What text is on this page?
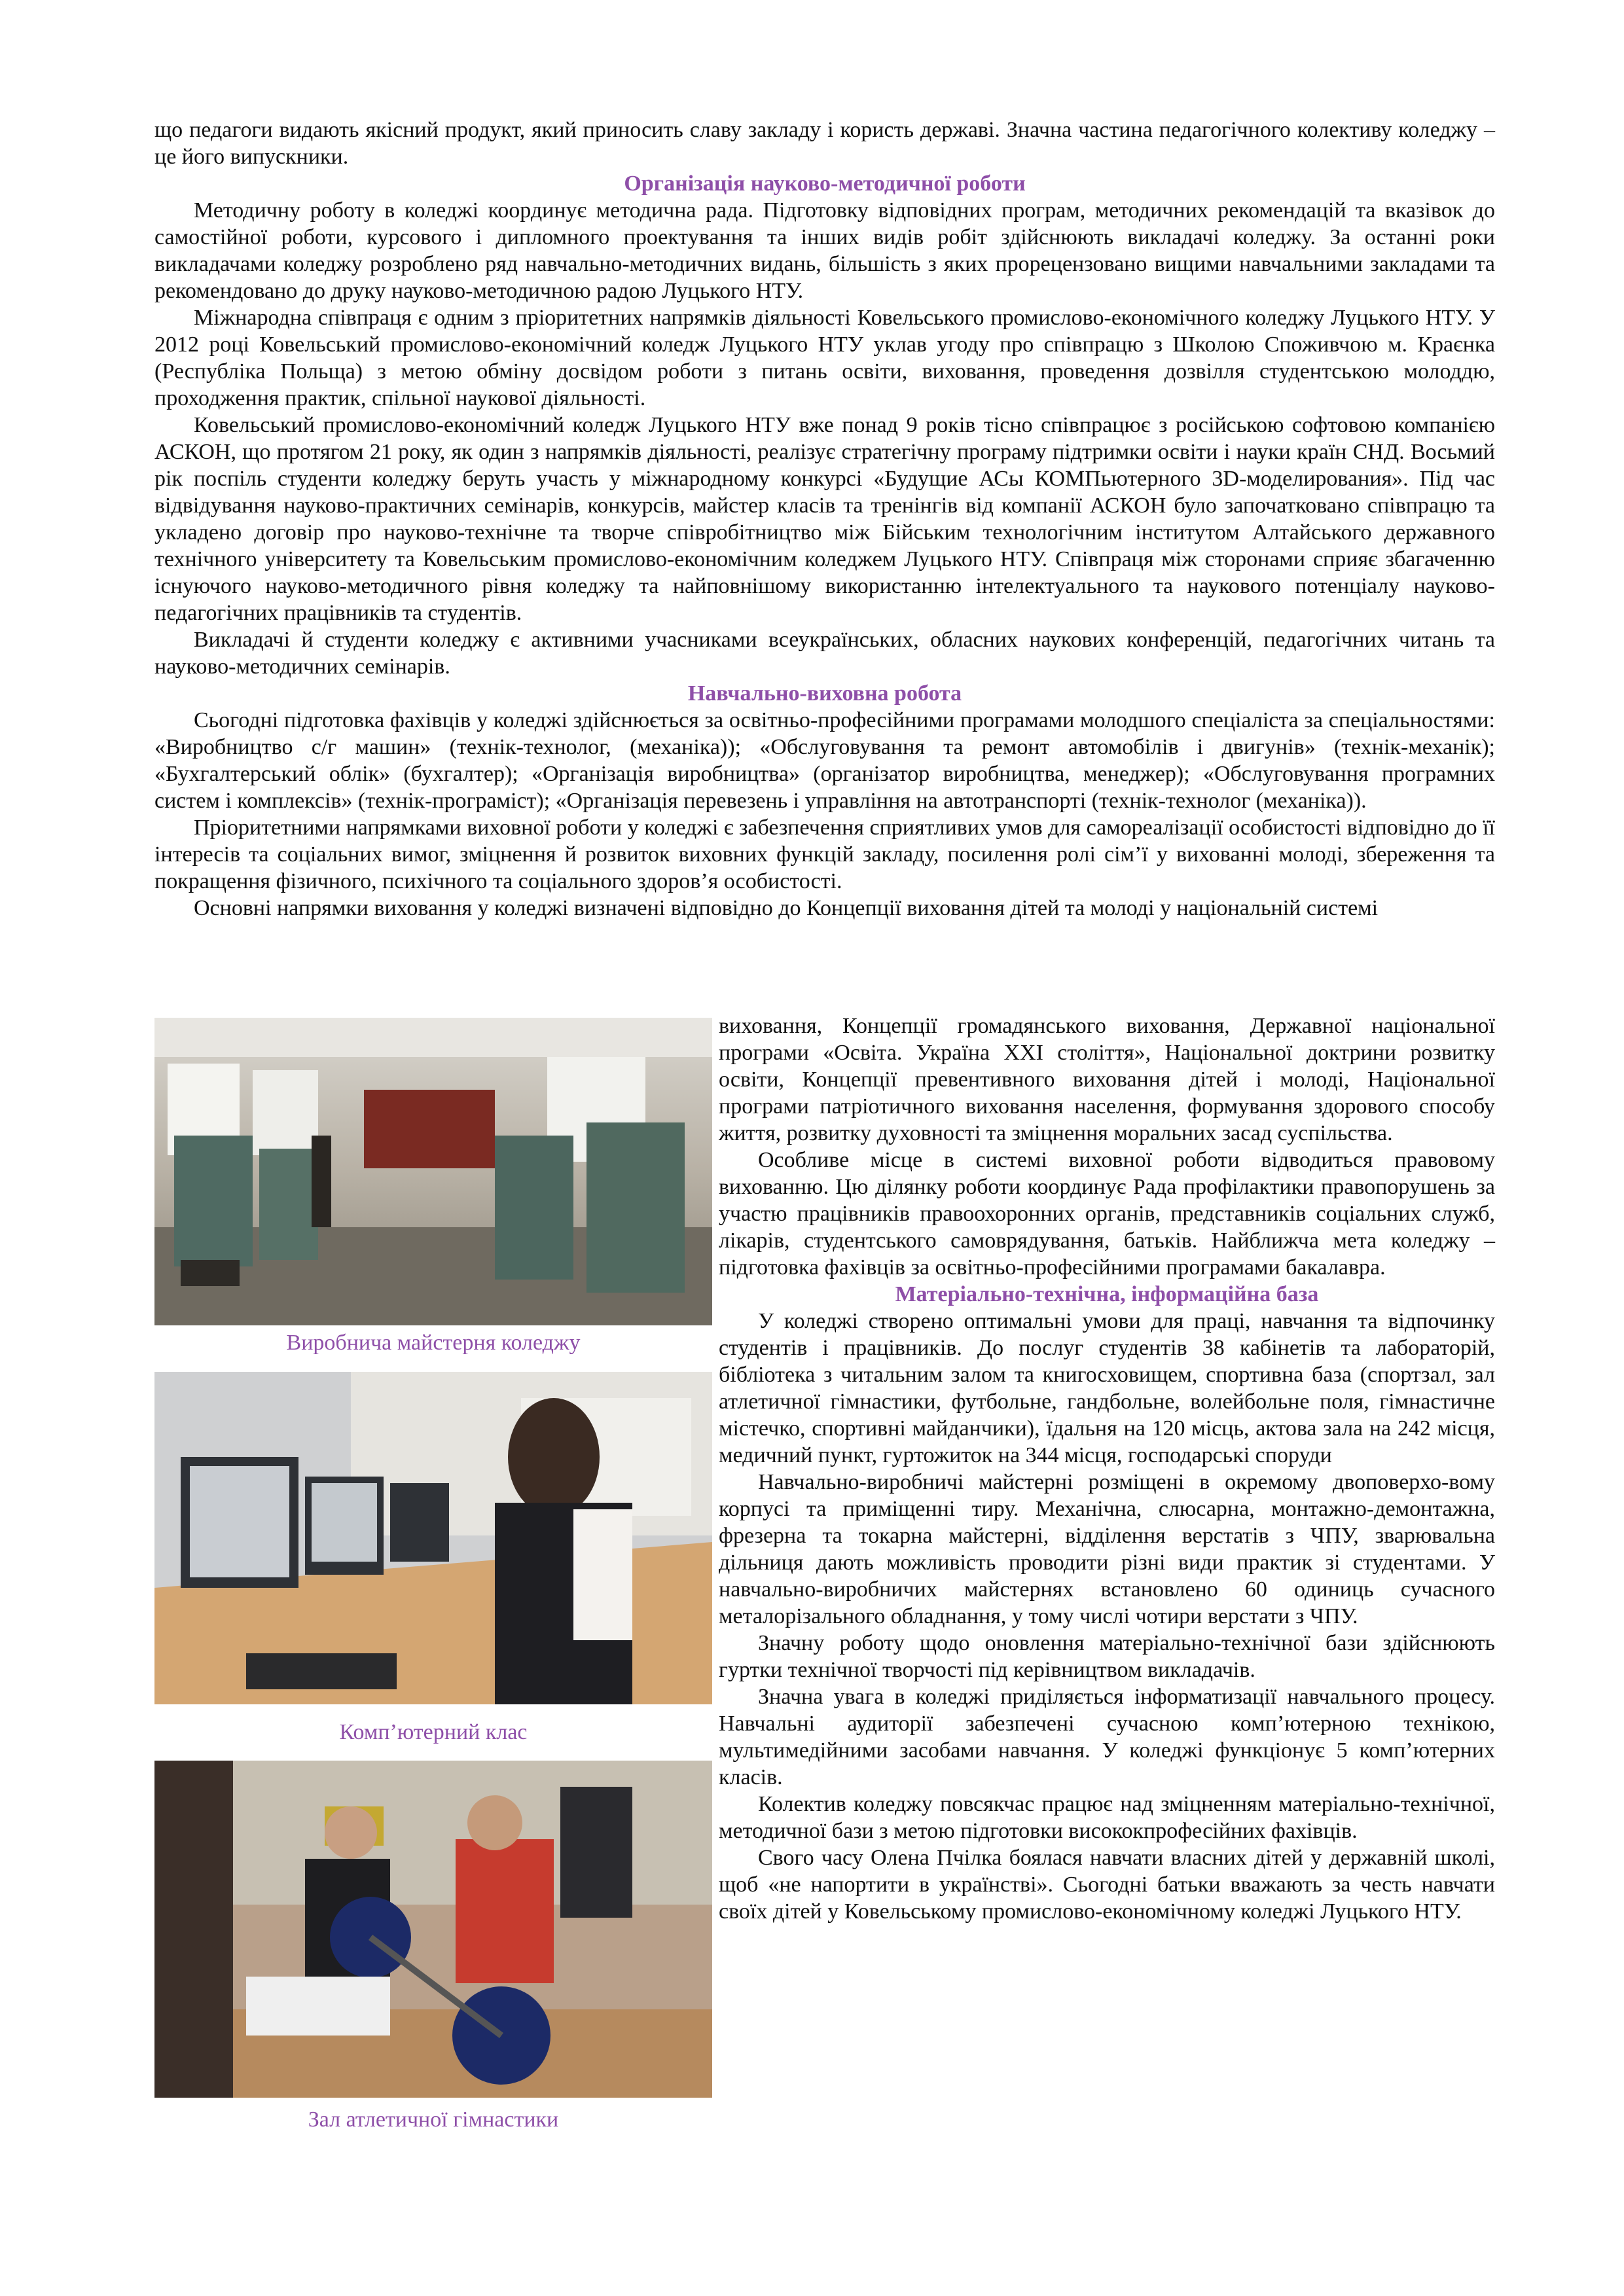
що педагоги видають якісний продукт, який приносить славу закладу і користь державі. Значна частина педагогічного колективу коледжу – це його випускники.

Організація науково-методичної роботи

Методичну роботу в коледжі координує методична рада. Підготовку відповідних програм, методичних рекомендацій та вказівок до самостійної роботи, курсового і дипломного проектування та інших видів робіт здійснюють викладачі коледжу. За останні роки викладачами коледжу розроблено ряд навчально-методичних видань, більшість з яких прорецензовано вищими навчальними закладами та рекомендовано до друку науково-методичною радою Луцького НТУ.

Міжнародна співпраця є одним з пріоритетних напрямків діяльності Ковельського промислово-економічного коледжу Луцького НТУ. У 2012 році Ковельський промислово-економічний коледж Луцького НТУ уклав угоду про співпрацю з Школою Споживчою м. Краєнка (Республіка Польща) з метою обміну досвідом роботи з питань освіти, виховання, проведення дозвілля студентською молоддю, проходження практик, спільної наукової діяльності.

Ковельський промислово-економічний коледж Луцького НТУ вже понад 9 років тісно співпрацює з російською софтовою компанією АСКОН, що протягом 21 року, як один з напрямків діяльності, реалізує стратегічну програму підтримки освіти і науки країн СНД. Восьмий рік поспіль студенти коледжу беруть участь у міжнародному конкурсі «Будущие АСы КОМПьютерного 3D-моделирования». Під час відвідування науково-практичних семінарів, конкурсів, майстер класів та тренінгів від компанії АСКОН було започатковано співпрацю та укладено договір про науково-технічне та творче співробітництво між Бійським технологічним інститутом Алтайського державного технічного університету та Ковельським промислово-економічним коледжем Луцького НТУ. Співпраця між сторонами сприяє збагаченню існуючого науково-методичного рівня коледжу та найповнішому використанню інтелектуального та наукового потенціалу науково-педагогічних працівників та студентів.

Викладачі й студенти коледжу є активними учасниками всеукраїнських, обласних наукових конференцій, педагогічних читань та науково-методичних семінарів.

Навчально-виховна робота

Сьогодні підготовка фахівців у коледжі здійснюється за освітньо-професійними програмами молодшого спеціаліста за спеціальностями: «Виробництво с/г машин» (технік-технолог, (механіка)); «Обслуговування та ремонт автомобілів і двигунів» (технік-механік); «Бухгалтерський облік» (бухгалтер); «Організація виробництва» (організатор виробництва, менеджер); «Обслуговування програмних систем і комплексів» (технік-програміст); «Організація перевезень і управління на автотранспорті (технік-технолог (механіка)).

Пріоритетними напрямками виховної роботи у коледжі є забезпечення сприятливих умов для самореалізації особистості відповідно до її інтересів та соціальних вимог, зміцнення й розвиток виховних функцій закладу, посилення ролі сім’ї у вихованні молоді, збереження та покращення фізичного, психічного та соціального здоров’я особистості.

Основні напрямки виховання у коледжі визначені відповідно до Концепції виховання дітей та молоді у національній системі

Виробнича майстерня коледжу
Комп’ютерний клас
Зал атлетичної гімнастики

виховання, Концепції громадянського виховання, Державної національної програми «Освіта. Україна XXI століття», Національної доктрини розвитку освіти, Концепції превентивного виховання дітей і молоді, Національної програми патріотичного виховання населення, формування здорового способу життя, розвитку духовності та зміцнення моральних засад суспільства.

Особливе місце в системі виховної роботи відводиться правовому вихованню. Цю ділянку роботи координує Рада профілактики правопорушень за участю працівників правоохоронних органів, представників соціальних служб, лікарів, студентського самоврядування, батьків. Найближча мета коледжу – підготовка фахівців за освітньо-професійними програмами бакалавра.

Матеріально-технічна, інформаційна база

У коледжі створено оптимальні умови для праці, навчання та відпочинку студентів і працівників. До послуг студентів 38 кабінетів та лабораторій, бібліотека з читальним залом та книгосховищем, спортивна база (спортзал, зал атлетичної гімнастики, футбольне, гандбольне, волейбольне поля, гімнастичне містечко, спортивні майданчики), їдальня на 120 місць, актова зала на 242 місця, медичний пункт, гуртожиток на 344 місця, господарські споруди

Навчально-виробничі майстерні розміщені в окремому двоповерхо-вому корпусі та приміщенні тиру. Механічна, слюсарна, монтажно-демонтажна, фрезерна та токарна майстерні, відділення верстатів з ЧПУ, зварювальна дільниця дають можливість проводити різні види практик зі студентами. У навчально-виробничих майстернях встановлено 60 одиниць сучасного металорізального обладнання, у тому числі чотири верстати з ЧПУ.

Значну роботу щодо оновлення матеріально-технічної бази здійснюють гуртки технічної творчості під керівництвом викладачів.

Значна увага в коледжі приділяється інформатизації навчального процесу. Навчальні аудиторії забезпечені сучасною комп’ютерною технікою, мультимедійними засобами навчання. У коледжі функціонує 5 комп’ютерних класів.

Колектив коледжу повсякчас працює над зміцненням матеріально-технічної, методичної бази з метою підготовки висококпрофесійних фахівців.

Свого часу Олена Пчілка боялася навчати власних дітей у державній школі, щоб «не напортити в українстві». Сьогодні батьки вважають за честь навчати своїх дітей у Ковельському промислово-економічному коледжі Луцького НТУ.
